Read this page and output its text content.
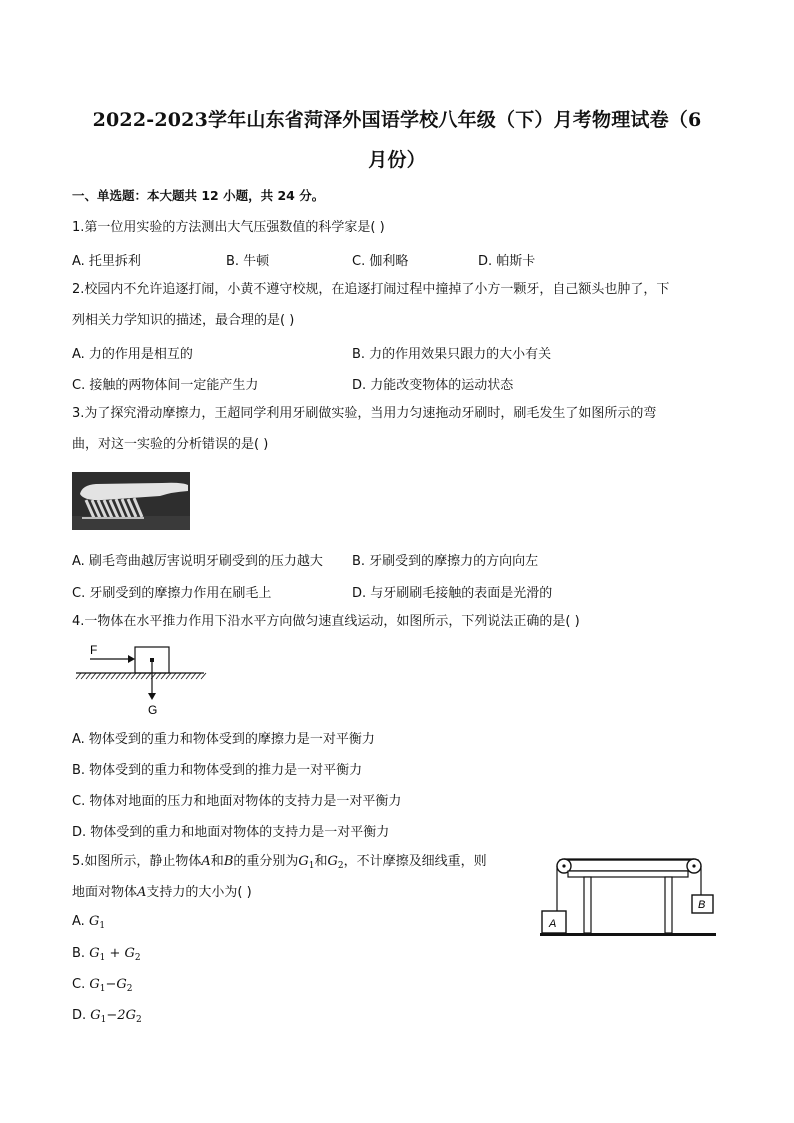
2022-2023学年山东省菏泽外国语学校八年级（下）月考物理试卷（6
月份）
一、单选题：本大题共 12 小题，共 24 分。
1.第一位用实验的方法测出大气压强数值的科学家是( )
A. 托里拆利	B. 牛顿	C. 伽利略	D. 帕斯卡
2.校园内不允许追逐打闹，小黄不遵守校规，在追逐打闹过程中撞掉了小方一颗牙，自己额头也肿了，下
列相关力学知识的描述，最合理的是( )
A. 力的作用是相互的	B. 力的作用效果只跟力的大小有关
C. 接触的两物体间一定能产生力	D. 力能改变物体的运动状态
3.为了探究滑动摩擦力，王超同学利用牙刷做实验，当用力匀速拖动牙刷时，刷毛发生了如图所示的弯
曲，对这一实验的分析错误的是( )
A. 刷毛弯曲越厉害说明牙刷受到的压力越大 B. 牙刷受到的摩擦力的方向向左
C. 牙刷受到的摩擦力作用在刷毛上	D. 与牙刷刷毛接触的表面是光滑的
4.一物体在水平推力作用下沿水平方向做匀速直线运动，如图所示，下列说法正确的是( )
F
G
A. 物体受到的重力和物体受到的摩擦力是一对平衡力
B. 物体受到的重力和物体受到的推力是一对平衡力
C. 物体对地面的压力和地面对物体的支持力是一对平衡力
D. 物体受到的重力和地面对物体的支持力是一对平衡力
5.如图所示，静止物体A和B的重分别为$G_1$和$G_2$，不计摩擦及细线重，则
地面对物体A支持力的大小为( )
A. $G_1$
B. $G_1 + G_2$
C. $G_1-G_2$
D. $G_1-2G_2$
A
B
